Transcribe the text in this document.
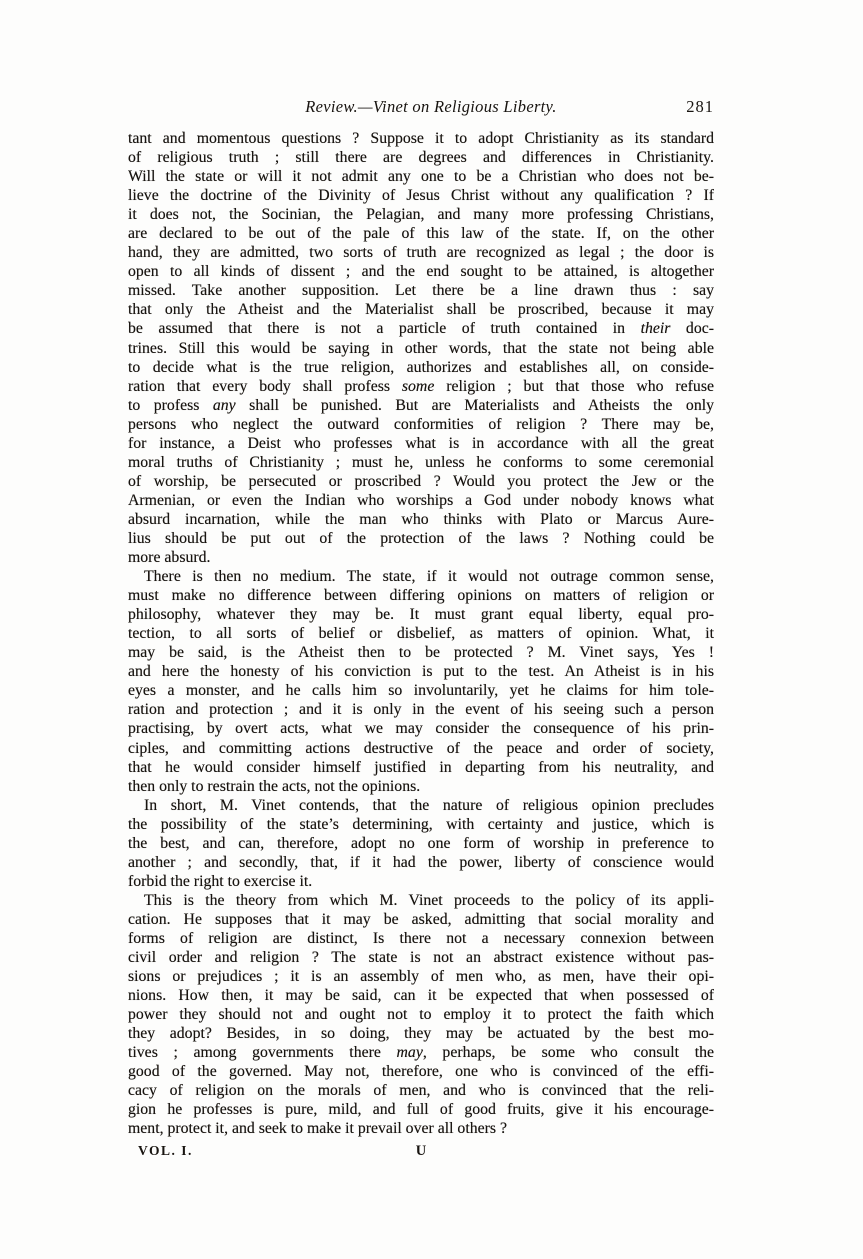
Review.—Vinet on Religious Liberty.	281
tant and momentous questions ? Suppose it to adopt Christianity as its standard
of religious truth ; still there are degrees and differences in Christianity.
Will the state or will it not admit any one to be a Christian who does not be-
lieve the doctrine of the Divinity of Jesus Christ without any qualification ? If
it does not, the Socinian, the Pelagian, and many more professing Christians,
are declared to be out of the pale of this law of the state. If, on the other
hand, they are admitted, two sorts of truth are recognized as legal ; the door is
open to all kinds of dissent ; and the end sought to be attained, is altogether
missed. Take another supposition. Let there be a line drawn thus : say
that only the Atheist and the Materialist shall be proscribed, because it may
be assumed that there is not a particle of truth contained in their doc-
trines. Still this would be saying in other words, that the state not being able
to decide what is the true religion, authorizes and establishes all, on conside-
ration that every body shall profess some religion ; but that those who refuse
to profess any shall be punished. But are Materialists and Atheists the only
persons who neglect the outward conformities of religion ? There may be,
for instance, a Deist who professes what is in accordance with all the great
moral truths of Christianity ; must he, unless he conforms to some ceremonial
of worship, be persecuted or proscribed ? Would you protect the Jew or the
Armenian, or even the Indian who worships a God under nobody knows what
absurd incarnation, while the man who thinks with Plato or Marcus Aure-
lius should be put out of the protection of the laws ? Nothing could be
more absurd.
There is then no medium. The state, if it would not outrage common sense,
must make no difference between differing opinions on matters of religion or
philosophy, whatever they may be. It must grant equal liberty, equal pro-
tection, to all sorts of belief or disbelief, as matters of opinion. What, it
may be said, is the Atheist then to be protected ? M. Vinet says, Yes !
and here the honesty of his conviction is put to the test. An Atheist is in his
eyes a monster, and he calls him so involuntarily, yet he claims for him tole-
ration and protection ; and it is only in the event of his seeing such a person
practising, by overt acts, what we may consider the consequence of his prin-
ciples, and committing actions destructive of the peace and order of society,
that he would consider himself justified in departing from his neutrality, and
then only to restrain the acts, not the opinions.
In short, M. Vinet contends, that the nature of religious opinion precludes
the possibility of the state’s determining, with certainty and justice, which is
the best, and can, therefore, adopt no one form of worship in preference to
another ; and secondly, that, if it had the power, liberty of conscience would
forbid the right to exercise it.
This is the theory from which M. Vinet proceeds to the policy of its appli-
cation. He supposes that it may be asked, admitting that social morality and
forms of religion are distinct, Is there not a necessary connexion between
civil order and religion ? The state is not an abstract existence without pas-
sions or prejudices ; it is an assembly of men who, as men, have their opi-
nions. How then, it may be said, can it be expected that when possessed of
power they should not and ought not to employ it to protect the faith which
they adopt? Besides, in so doing, they may be actuated by the best mo-
tives ; among governments there may, perhaps, be some who consult the
good of the governed. May not, therefore, one who is convinced of the effi-
cacy of religion on the morals of men, and who is convinced that the reli-
gion he professes is pure, mild, and full of good fruits, give it his encourage-
ment, protect it, and seek to make it prevail over all others ?
VOL. I.	U
